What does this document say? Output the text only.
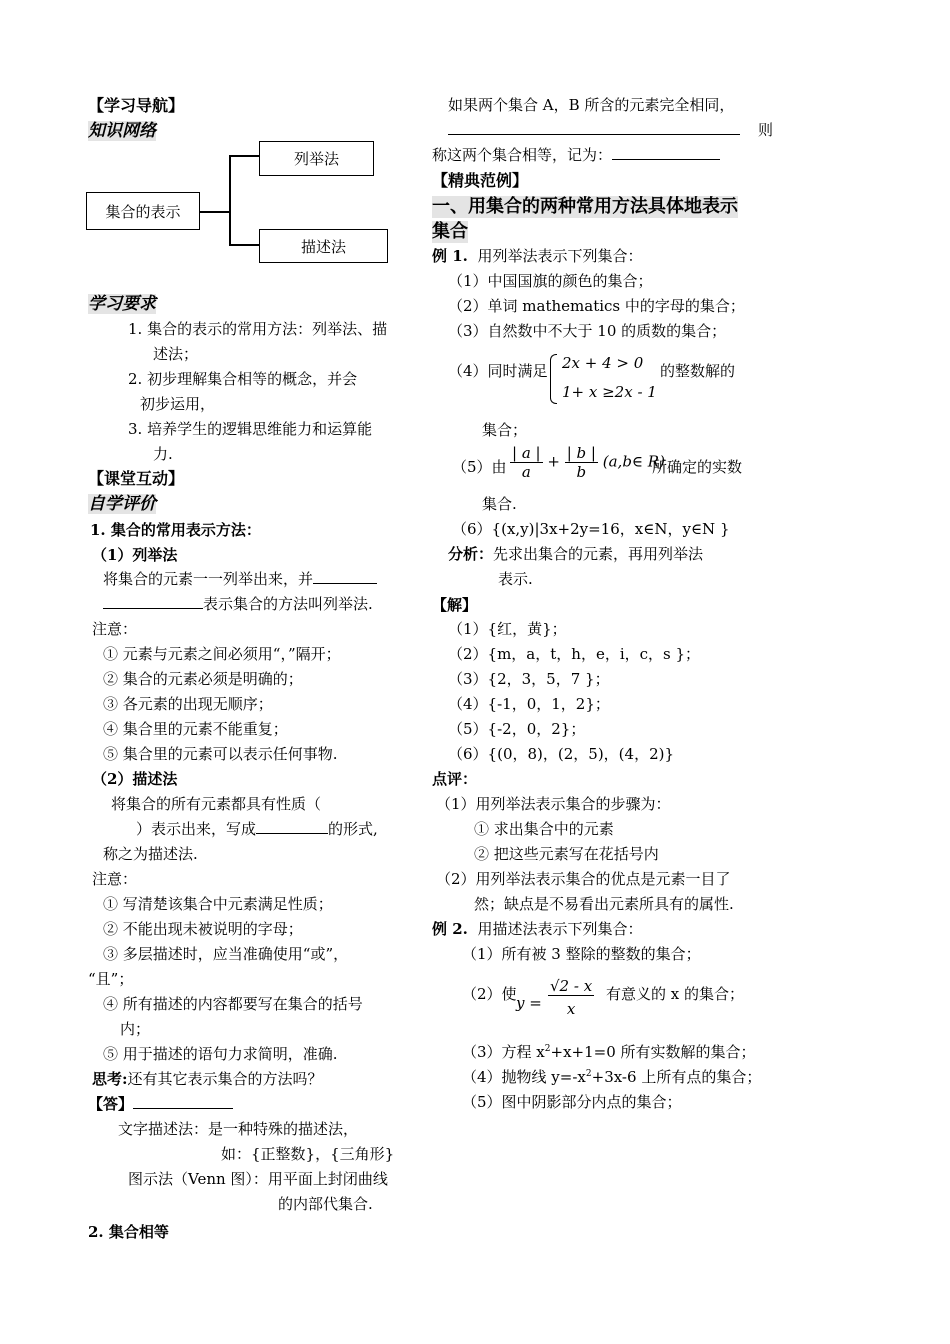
【学习导航】
知识网络
集合的表示
列举法
描述法
学习要求
1. 集合的表示的常用方法：列举法、描
述法；
2. 初步理解集合相等的概念，并会
初步运用，
3. 培养学生的逻辑思维能力和运算能
力.
【课堂互动】
自学评价
1. 集合的常用表示方法：
（1）列举法
将集合的元素一一列举出来，并
表示集合的方法叫列举法.
注意：
① 元素与元素之间必须用“，”隔开；
② 集合的元素必须是明确的；
③ 各元素的出现无顺序；
④ 集合里的元素不能重复；
⑤ 集合里的元素可以表示任何事物.
（2）描述法
将集合的所有元素都具有性质（
）表示出来，写成	的形式,
称之为描述法.
注意：
① 写清楚该集合中元素满足性质；
② 不能出现未被说明的字母；
③ 多层描述时，应当准确使用“或”，
“且”；
④ 所有描述的内容都要写在集合的括号
内；
⑤ 用于描述的语句力求简明，准确.
思考:还有其它表示集合的方法吗？
【答】
文字描述法：是一种特殊的描述法，
如：{正整数}，{三角形}
图示法（Venn 图）：用平面上封闭曲线
的内部代集合.
2. 集合相等
如果两个集合 A，B 所含的元素完全相同，
则
称这两个集合相等，记为：
【精典范例】
一、用集合的两种常用方法具体地表示
集合
例 1. 用列举法表示下列集合：
（1）中国国旗的颜色的集合；
（2）单词 mathematics 中的字母的集合；
（3）自然数中不大于 10 的质数的集合；
（4）同时满足 2x + 4 > 0
1+ x ≥2x - 1
的整数解的
集合；
（5）由 $\frac{| a |}{a} + \frac{| b |}{b}$ (a,b∈ R)
所确定的实数
集合.
（6）{(x,y)|3x+2y=16，x∈N，y∈N }
分析：先求出集合的元素，再用列举法
表示.
【解】
（1）{红，黄}；
（2）{m，a，t，h，e，i，c，s }；
（3）{2，3，5，7 }；
（4）{-1，0，1，2}；
（5）{-2，0，2}；
（6）{(0，8)，(2，5)，(4，2)}
点评：
（1）用列举法表示集合的步骤为：
① 求出集合中的元素
② 把这些元素写在花括号内
（2）用列举法表示集合的优点是元素一目了
然；缺点是不易看出元素所具有的属性.
例 2. 用描述法表示下列集合：
（1）所有被 3 整除的整数的集合；
（2）使 $y = \frac{√2 - x}{x}$ 有意义的 x 的集合；
（3）方程 $x^2+x+1=0$ 所有实数解的集合；
（4）抛物线 $y=-x^2+3x-6$ 上所有点的集合；
（5）图中阴影部分内点的集合；
